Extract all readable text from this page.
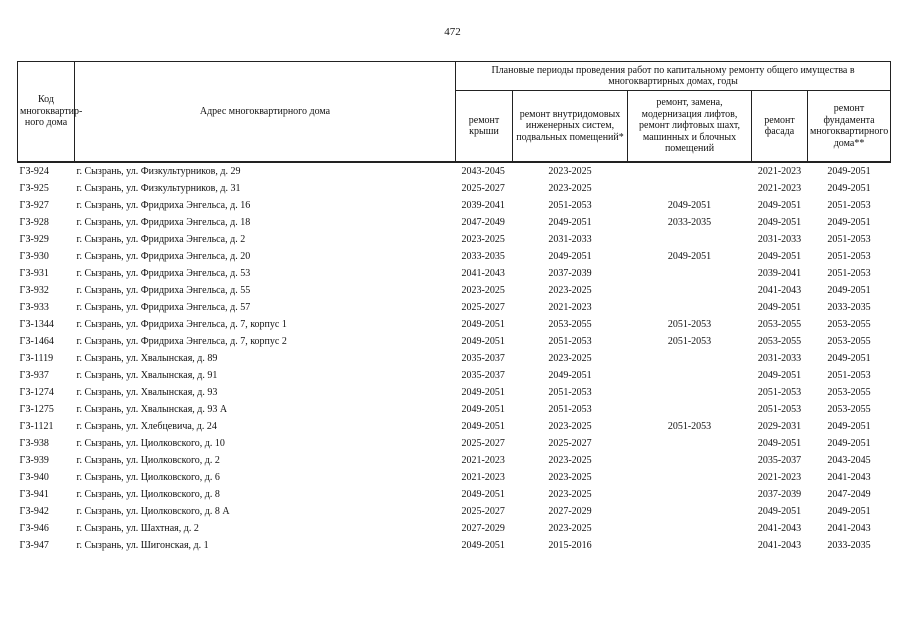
472
Код многоквартир-ного дома	Адрес многоквартирного дома	Плановые периоды проведения работ по капитальному ремонту общего имущества в многоквартирных домах, годы				
		ремонт крыши	ремонт внутридомовых инженерных систем, подвальных помещений*	ремонт, замена, модернизация лифтов, ремонт лифтовых шахт, машинных и блочных помещений	ремонт фасада	ремонт фундамента многоквартирного дома**
ГЗ-924	г. Сызрань, ул. Физкультурников, д. 29	2043-2045	2023-2025		2021-2023	2049-2051
ГЗ-925	г. Сызрань, ул. Физкультурников, д. 31	2025-2027	2023-2025		2021-2023	2049-2051
ГЗ-927	г. Сызрань, ул. Фридриха Энгельса, д. 16	2039-2041	2051-2053	2049-2051	2049-2051	2051-2053
ГЗ-928	г. Сызрань, ул. Фридриха Энгельса, д. 18	2047-2049	2049-2051	2033-2035	2049-2051	2049-2051
ГЗ-929	г. Сызрань, ул. Фридриха Энгельса, д. 2	2023-2025	2031-2033		2031-2033	2051-2053
ГЗ-930	г. Сызрань, ул. Фридриха Энгельса, д. 20	2033-2035	2049-2051	2049-2051	2049-2051	2051-2053
ГЗ-931	г. Сызрань, ул. Фридриха Энгельса, д. 53	2041-2043	2037-2039		2039-2041	2051-2053
ГЗ-932	г. Сызрань, ул. Фридриха Энгельса, д. 55	2023-2025	2023-2025		2041-2043	2049-2051
ГЗ-933	г. Сызрань, ул. Фридриха Энгельса, д. 57	2025-2027	2021-2023		2049-2051	2033-2035
ГЗ-1344	г. Сызрань, ул. Фридриха Энгельса, д. 7, корпус 1	2049-2051	2053-2055	2051-2053	2053-2055	2053-2055
ГЗ-1464	г. Сызрань, ул. Фридриха Энгельса, д. 7, корпус 2	2049-2051	2051-2053	2051-2053	2053-2055	2053-2055
ГЗ-1119	г. Сызрань, ул. Хвалынская, д. 89	2035-2037	2023-2025		2031-2033	2049-2051
ГЗ-937	г. Сызрань, ул. Хвалынская, д. 91	2035-2037	2049-2051		2049-2051	2051-2053
ГЗ-1274	г. Сызрань, ул. Хвалынская, д. 93	2049-2051	2051-2053		2051-2053	2053-2055
ГЗ-1275	г. Сызрань, ул. Хвалынская, д. 93 А	2049-2051	2051-2053		2051-2053	2053-2055
ГЗ-1121	г. Сызрань, ул. Хлебцевича, д. 24	2049-2051	2023-2025	2051-2053	2029-2031	2049-2051
ГЗ-938	г. Сызрань, ул. Циолковского, д. 10	2025-2027	2025-2027		2049-2051	2049-2051
ГЗ-939	г. Сызрань, ул. Циолковского, д. 2	2021-2023	2023-2025		2035-2037	2043-2045
ГЗ-940	г. Сызрань, ул. Циолковского, д. 6	2021-2023	2023-2025		2021-2023	2041-2043
ГЗ-941	г. Сызрань, ул. Циолковского, д. 8	2049-2051	2023-2025		2037-2039	2047-2049
ГЗ-942	г. Сызрань, ул. Циолковского, д. 8 А	2025-2027	2027-2029		2049-2051	2049-2051
ГЗ-946	г. Сызрань, ул. Шахтная, д. 2	2027-2029	2023-2025		2041-2043	2041-2043
ГЗ-947	г. Сызрань, ул. Шигонская, д. 1	2049-2051	2015-2016		2041-2043	2033-2035
